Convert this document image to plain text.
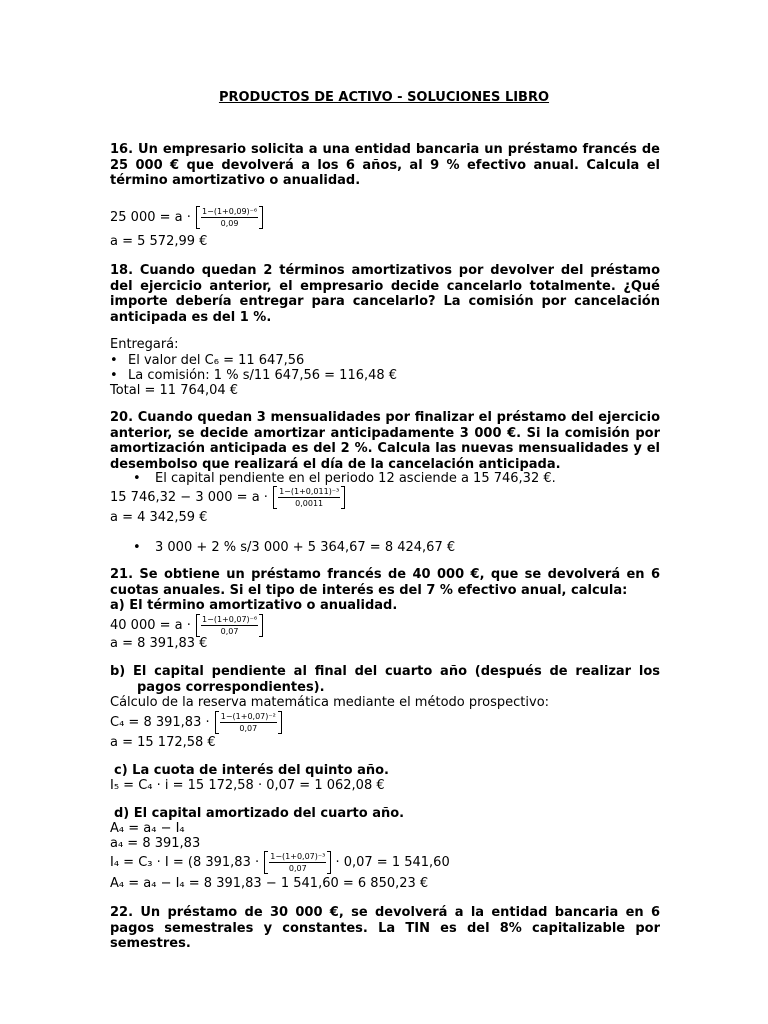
PRODUCTOS DE ACTIVO - SOLUCIONES LIBRO
16. Un empresario solicita a una entidad bancaria un préstamo francés de 25 000 € que devolverá a los 6 años, al 9 % efectivo anual. Calcula el término amortizativo o anualidad.
25 $000 = a \cdot \frac{\text{1−(1+0,09)⁻⁶}}{0,09}$
a = 5 572,99 €
18. Cuando quedan 2 términos amortizativos por devolver del préstamo del ejercicio anterior, el empresario decide cancelarlo totalmente. ¿Qué importe debería entregar para cancelarlo? La comisión por cancelación anticipada es del 1 %.
Entregará:
• El valor del C₆ = 11 647,56
• La comisión: 1 % s/11 647,56 = 116,48 €
Total = 11 764,04 €
20. Cuando quedan 3 mensualidades por finalizar el préstamo del ejercicio anterior, se decide amortizar anticipadamente 3 000 €. Si la comisión por amortización anticipada es del 2 %. Calcula las nuevas mensualidades y el desembolso que realizará el día de la cancelación anticipada.
• El capital pendiente en el periodo 12 asciende a 15 746,32 €.
15 746,32 − 3 $000 = a \cdot \frac{\text{1−(1+0,011)⁻³}}{0,0011}$
a = 4 342,59 €
• 3 000 + 2 % s/3 000 + 5 364,67 = 8 424,67 €
21. Se obtiene un préstamo francés de 40 000 €, que se devolverá en 6 cuotas anuales. Si el tipo de interés es del 7 % efectivo anual, calcula:
a) El término amortizativo o anualidad.
40 $000 = a \cdot \frac{\text{1−(1+0,07)⁻⁶}}{0,07}$
a = 8 391,83 €
b) El capital pendiente al final del cuarto año (después de realizar los pagos correspondientes).
Cálculo de la reserva matemática mediante el método prospectivo:
C₄ = 8 $391,83 \cdot \frac{\text{1−(1+0,07)⁻²}}{0,07}$
a = 15 172,58 €
c) La cuota de interés del quinto año.
I₅ = C₄ · i = 15 172,58 · 0,07 = 1 062,08 €
d) El capital amortizado del cuarto año.
A₄ = a₄ − I₄
a₄ = 8 391,83
I₄ = C₃ · I = (8 $391,83 \cdot \frac{\text{1−(1+0,07)⁻³}}{0,07} \cdot 0,07 = 1$ 541,60
A₄ = a₄ − I₄ = 8 391,83 − 1 541,60 = 6 850,23 €
22. Un préstamo de 30 000 €, se devolverá a la entidad bancaria en 6 pagos semestrales y constantes. La TIN es del 8% capitalizable por semestres.
